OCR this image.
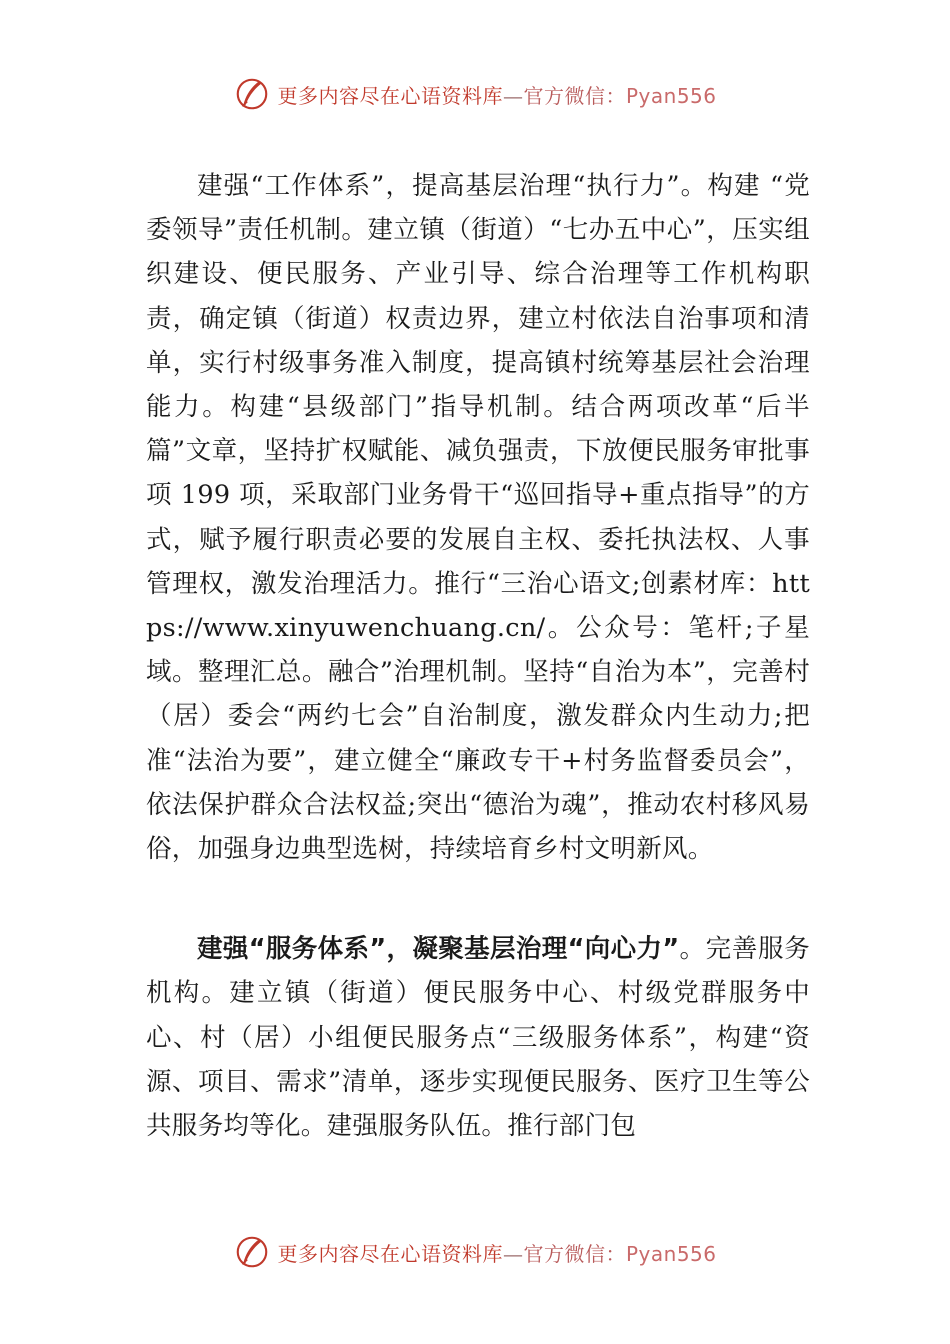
更多内容尽在心语资料库—官方微信：Pyan556

建强“工作体系”，提高基层治理“执行力”。构建 “党委领导”责任机制。建立镇（街道）“七办五中心”，压实组织建设、便民服务、产业引导、综合治理等工作机构职责，确定镇（街道）权责边界，建立村依法自治事项和清单，实行村级事务准入制度，提高镇村统筹基层社会治理能力。构建“县级部门”指导机制。结合两项改革“后半篇”文章，坚持扩权赋能、减负强责，下放便民服务审批事项 199 项，采取部门业务骨干“巡回指导+重点指导”的方式，赋予履行职责必要的发展自主权、委托执法权、人事管理权，激发治理活力。推行“三治心语文;创素材库：https://www.xinyuwenchuang.cn/。公众号：笔杆;子星域。整理汇总。融合”治理机制。坚持“自治为本”，完善村（居）委会“两约七会”自治制度，激发群众内生动力;把准“法治为要”，建立健全“廉政专干+村务监督委员会”，依法保护群众合法权益;突出“德治为魂”，推动农村移风易俗，加强身边典型选树，持续培育乡村文明新风。

建强“服务体系”，凝聚基层治理“向心力”。完善服务机构。建立镇（街道）便民服务中心、村级党群服务中心、村（居）小组便民服务点“三级服务体系”，构建“资源、项目、需求”清单，逐步实现便民服务、医疗卫生等公共服务均等化。建强服务队伍。推行部门包

更多内容尽在心语资料库—官方微信：Pyan556
